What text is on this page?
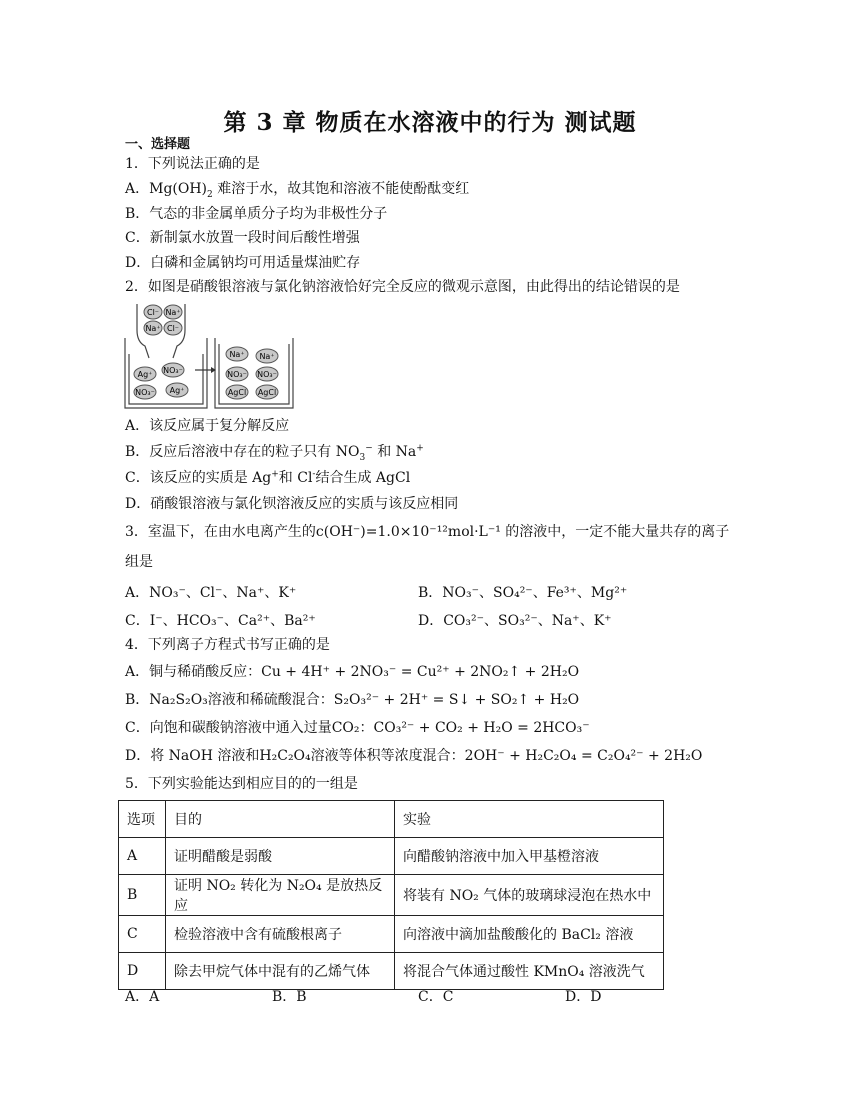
第 3 章 物质在水溶液中的行为 测试题
一、选择题
1．下列说法正确的是
A．$Mg(OH)_2$ 难溶于水，故其饱和溶液不能使酚酞变红
B．气态的非金属单质分子均为非极性分子
C．新制氯水放置一段时间后酸性增强
D．白磷和金属钠均可用适量煤油贮存
2．如图是硝酸银溶液与氯化钠溶液恰好完全反应的微观示意图，由此得出的结论错误的是
Cl⁻ Na⁺
Na⁺ Cl⁻
Ag⁺ NO₃⁻
NO₃⁻ Ag⁺
Na⁺ Na⁺
NO₃⁻ NO₃⁻
AgCl AgCl
A．该反应属于复分解反应
B．反应后溶液中存在的粒子只有 $NO_3^-$ 和 Na+
C．该反应的实质是 Ag+和 Cl-结合生成 AgCl
D．硝酸银溶液与氯化钡溶液反应的实质与该反应相同
3．室温下，在由水电离产生的c(OH⁻)=1.0×10⁻¹²mol·L⁻¹ 的溶液中，一定不能大量共存的离子
组是
A．NO₃⁻、Cl⁻、Na⁺、K⁺	B．NO₃⁻、SO₄²⁻、Fe³⁺、Mg²⁺
C．I⁻、HCO₃⁻、Ca²⁺、Ba²⁺	D．CO₃²⁻、SO₃²⁻、Na⁺、K⁺
4．下列离子方程式书写正确的是
A．铜与稀硝酸反应：Cu + 4H⁺ + 2NO₃⁻ = Cu²⁺ + 2NO₂↑ + 2H₂O
B．Na₂S₂O₃溶液和稀硫酸混合：S₂O₃²⁻ + 2H⁺ = S↓ + SO₂↑ + H₂O
C．向饱和碳酸钠溶液中通入过量CO₂：CO₃²⁻ + CO₂ + H₂O = 2HCO₃⁻
D．将 NaOH 溶液和H₂C₂O₄溶液等体积等浓度混合：2OH⁻ + H₂C₂O₄ = C₂O₄²⁻ + 2H₂O
5．下列实验能达到相应目的的一组是
选项	目的	实验
A	证明醋酸是弱酸	向醋酸钠溶液中加入甲基橙溶液
B	证明 NO₂ 转化为 N₂O₄ 是放热反应	将装有 NO₂ 气体的玻璃球浸泡在热水中
C	检验溶液中含有硫酸根离子	向溶液中滴加盐酸酸化的 BaCl₂ 溶液
D	除去甲烷气体中混有的乙烯气体	将混合气体通过酸性 KMnO₄ 溶液洗气
A．A	B．B	C．C	D．D
